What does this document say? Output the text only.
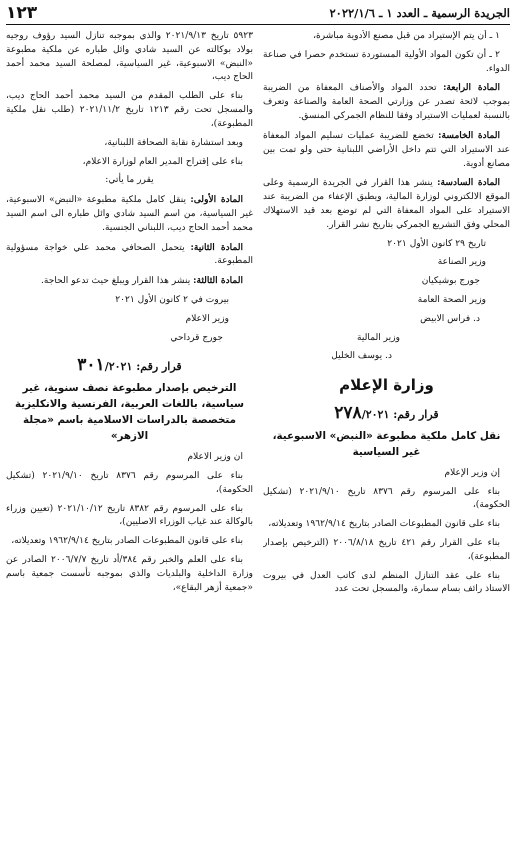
الجريدة الرسمية ـ العدد ١ ـ ٢٠٢٢/١/٦
١٢٣

١ ـ أن يتم الإستيراد من قبل مصنع الأدوية مباشرة،

٢ ـ أن تكون المواد الأولية المستوردة تستخدم حصرا في صناعة الدواء.

المادة الرابعة: تحدد المواد والأصناف المعفاة من الضريبة بموجب لائحة تصدر عن وزارتي الصحة العامة والصناعة وتعرف بالنسبة لعمليات الاستيراد وفقا للنظام الجمركي المنسق.

المادة الخامسة: تخضع للضريبة عمليات تسليم المواد المعفاة عند الاستيراد التي تتم داخل الأراضي اللبنانية حتى ولو تمت بين مصانع أدوية.

المادة السادسة: ينشر هذا القرار في الجريدة الرسمية وعلى الموقع الالكتروني لوزارة المالية، ويطبق الإعفاء من الضريبة عند الاستيراد على المواد المعفاة التي لم توضع بعد قيد الاستهلاك المحلي وفق التشريع الجمركي بتاريخ نشر القرار.

تاريخ ٢٩ كانون الأول ٢٠٢١

وزير الصناعة

جورج بوشيكيان

وزير الصحة العامة

د. فراس الابيض

وزير المالية

د. يوسف الخليل

وزارة الإعلام
قرار رقم: ٢٧٨/٢٠٢١
نقل كامل ملكية مطبوعة «النبض» الاسبوعية، غير السياسية

إن وزير الإعلام

بناء على المرسوم رقم ٨٣٧٦ تاريخ ٢٠٢١/٩/١٠ (تشكيل الحكومة)،

بناء على قانون المطبوعات الصادر بتاريخ ١٩٦٢/٩/١٤ وتعديلاته،

بناء على القرار رقم ٤٢١ تاريخ ٢٠٠٦/٨/١٨ (الترخيص بإصدار المطبوعة)،

بناء على عقد التنازل المنظم لدى كاتب العدل في بيروت الاستاذ رائف بسام سمارة، والمسجل تحت عدد

٥٩٢٣ تاريخ ٢٠٢١/٩/١٣ والذي بموجبه تنازل السيد رؤوف روجيه بولاد بوكالته عن السيد شادي وائل طباره عن ملكية مطبوعة «النبض» الاسبوعية، غير السياسية، لمصلحة السيد محمد أحمد الحاج ديب،

بناء على الطلب المقدم من السيد محمد أحمد الحاج ديب، والمسجل تحت رقم ١٢١٣ تاريخ ٢٠٢١/١١/٢ (طلب نقل ملكية المطبوعة)،

وبعد استشارة نقابة الصحافة اللبنانية،

بناء على إقتراح المدير العام لوزارة الاعلام،

يقرر ما يأتي:

المادة الأولى: ينقل كامل ملكية مطبوعة «النبض» الاسبوعية، غير السياسية، من اسم السيد شادي وائل طباره الى اسم السيد محمد أحمد الحاج ديب، اللبناني الجنسية.

المادة الثانية: يتحمل الصحافي محمد علي خواجة مسؤولية المطبوعة.

المادة الثالثة: ينشر هذا القرار ويبلغ حيث تدعو الحاجة.

بيروت في ٢ كانون الأول ٢٠٢١

وزير الاعلام

جورج قرداحي

قرار رقم: ٣٠١/٢٠٢١
الترخيص بإصدار مطبوعة نصف سنوية، غير سياسية، باللغات العربية، الفرنسية والانكليزية متخصصة بالدراسات الاسلامية باسم «مجلة الازهر»

ان وزير الاعلام

بناء على المرسوم رقم ٨٣٧٦ تاريخ ٢٠٢١/٩/١٠ (تشكيل الحكومة)،

بناء على المرسوم رقم ٨٣٨٢ تاريخ ٢٠٢١/١٠/١٢ (تعيين وزراء بالوكالة عند غياب الوزراء الاصليين)،

بناء على قانون المطبوعات الصادر بتاريخ ١٩٦٢/٩/١٤ وتعديلاته،

بناء على العلم والخبر رقم ٣٨٤/أد تاريخ ٢٠٠٦/٧/٧ الصادر عن وزارة الداخلية والبلديات والذي بموجبه تأسست جمعية باسم «جمعية أزهر البقاع»،
